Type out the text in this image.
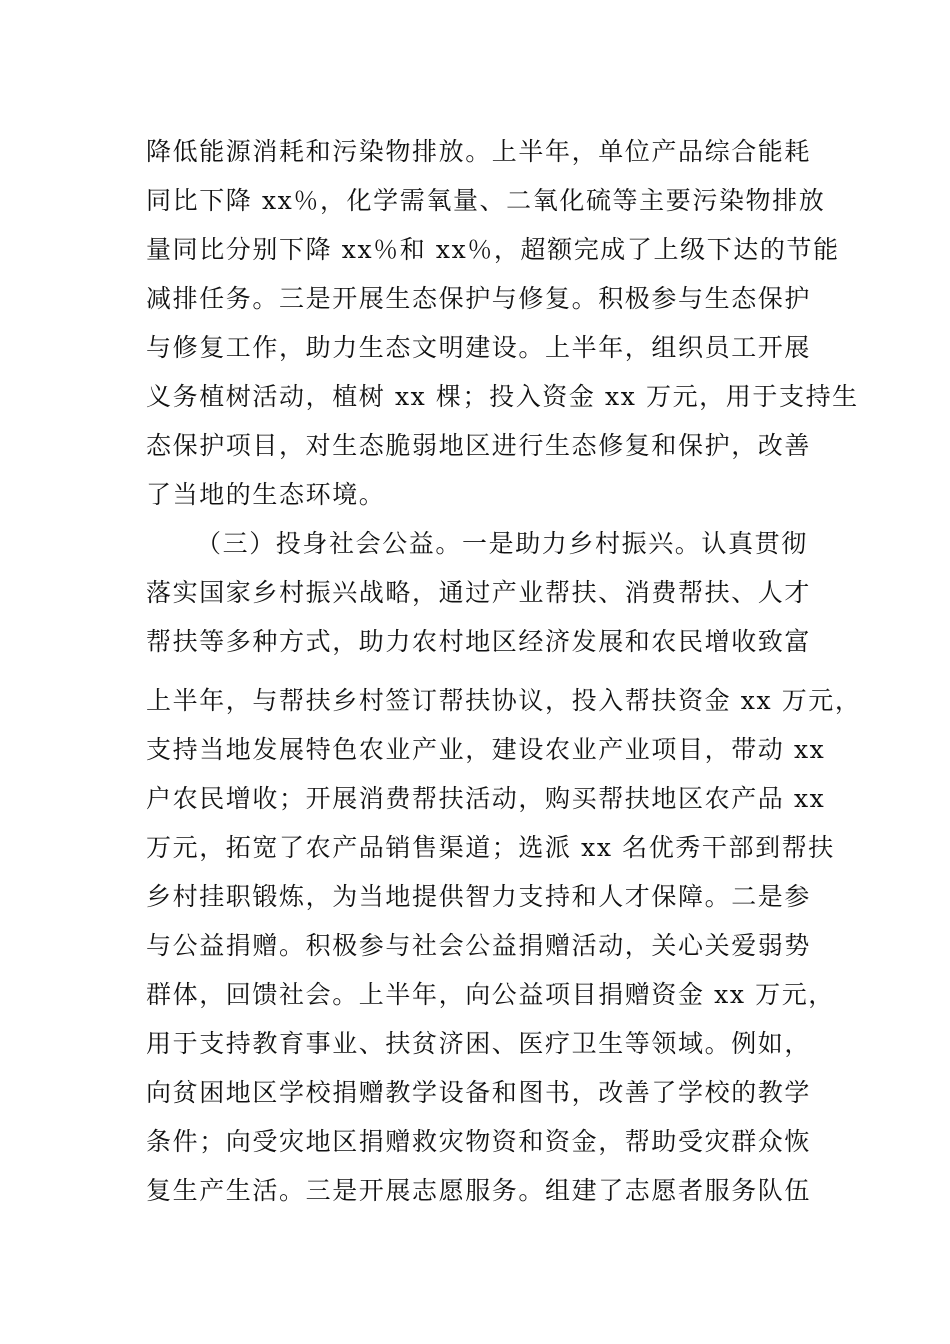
降低能源消耗和污染物排放。上半年，单位产品综合能耗
同比下降 xx％，化学需氧量、二氧化硫等主要污染物排放
量同比分别下降 xx％和 xx％，超额完成了上级下达的节能
减排任务。三是开展生态保护与修复。积极参与生态保护
与修复工作，助力生态文明建设。上半年，组织员工开展
义务植树活动，植树 xx 棵；投入资金 xx 万元，用于支持生
态保护项目，对生态脆弱地区进行生态修复和保护，改善
了当地的生态环境。
（三）投身社会公益。一是助力乡村振兴。认真贯彻
落实国家乡村振兴战略，通过产业帮扶、消费帮扶、人才
帮扶等多种方式，助力农村地区经济发展和农民增收致富
上半年，与帮扶乡村签订帮扶协议，投入帮扶资金 xx 万元，
支持当地发展特色农业产业，建设农业产业项目，带动 xx
户农民增收；开展消费帮扶活动，购买帮扶地区农产品 xx
万元，拓宽了农产品销售渠道；选派 xx 名优秀干部到帮扶
乡村挂职锻炼，为当地提供智力支持和人才保障。二是参
与公益捐赠。积极参与社会公益捐赠活动，关心关爱弱势
群体，回馈社会。上半年，向公益项目捐赠资金 xx 万元，
用于支持教育事业、扶贫济困、医疗卫生等领域。例如，
向贫困地区学校捐赠教学设备和图书，改善了学校的教学
条件；向受灾地区捐赠救灾物资和资金，帮助受灾群众恢
复生产生活。三是开展志愿服务。组建了志愿者服务队伍
